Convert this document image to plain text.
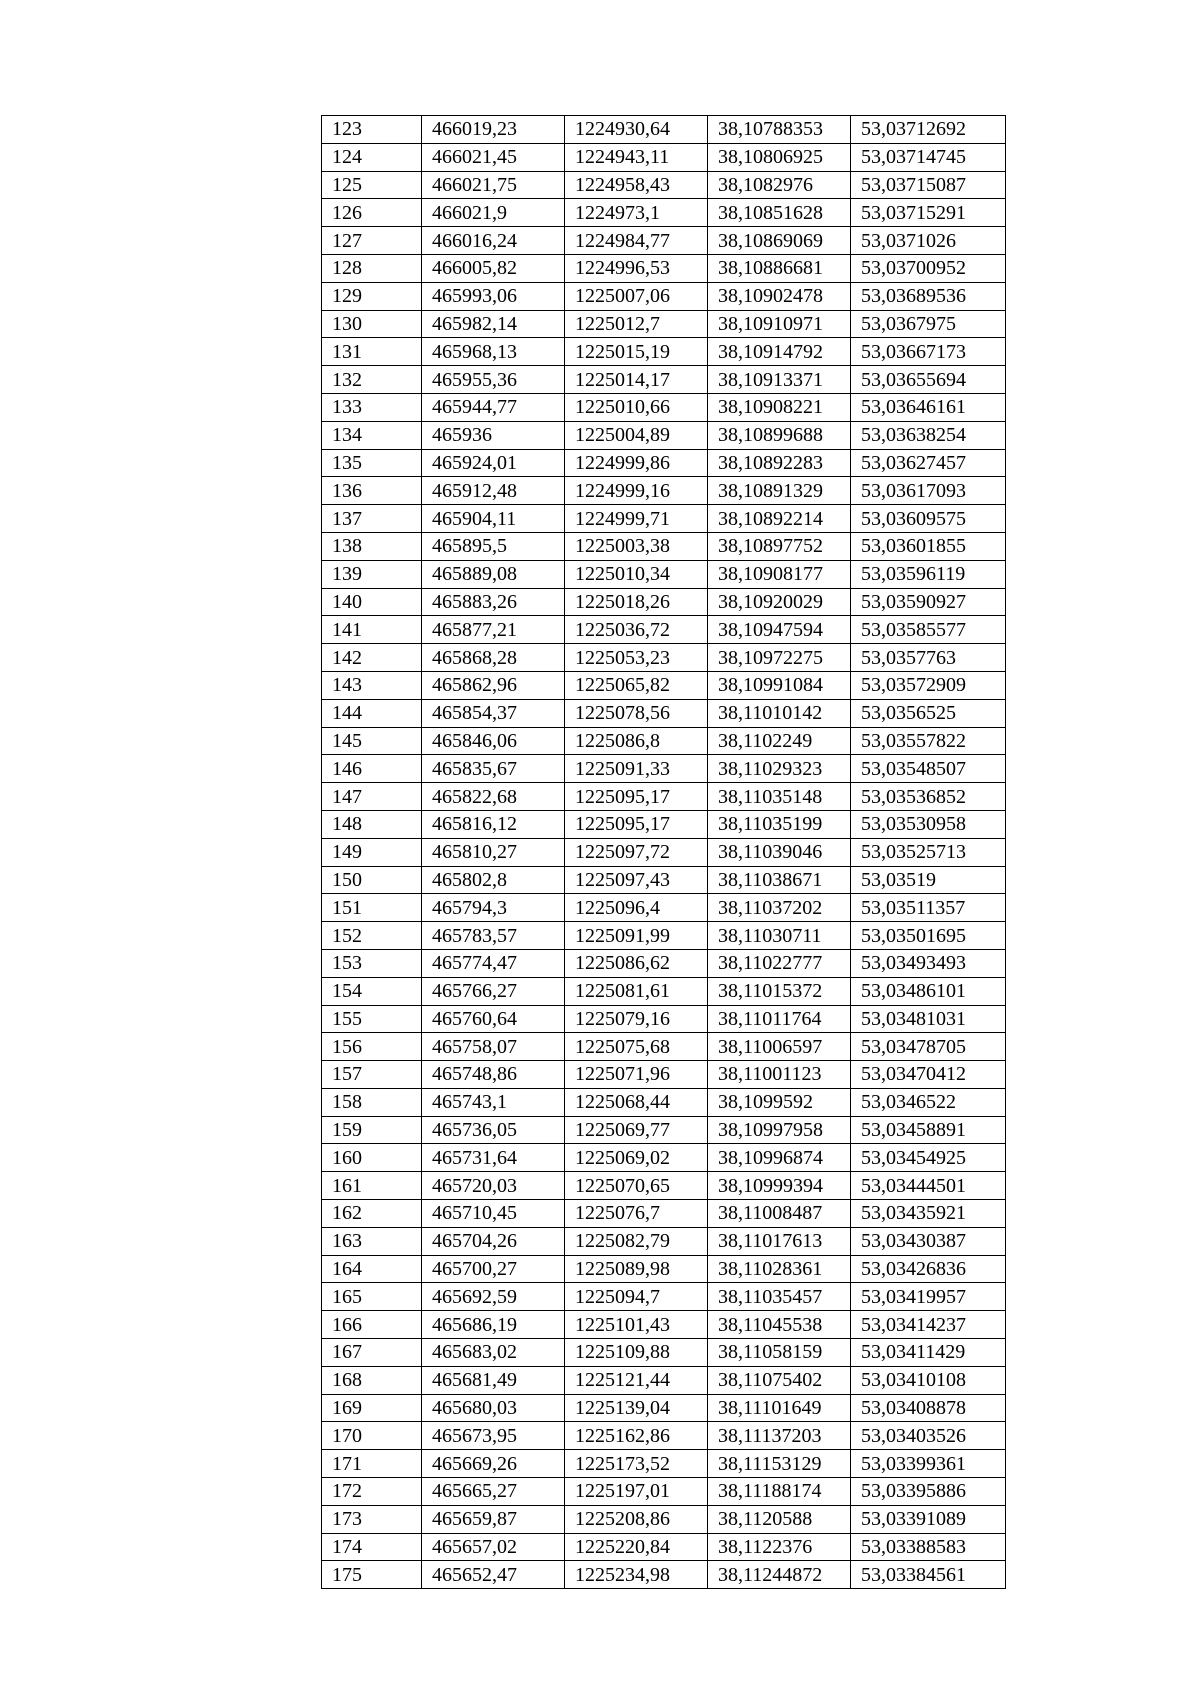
123	466019,23	1224930,64	38,10788353	53,03712692
124	466021,45	1224943,11	38,10806925	53,03714745
125	466021,75	1224958,43	38,1082976	53,03715087
126	466021,9	1224973,1	38,10851628	53,03715291
127	466016,24	1224984,77	38,10869069	53,0371026
128	466005,82	1224996,53	38,10886681	53,03700952
129	465993,06	1225007,06	38,10902478	53,03689536
130	465982,14	1225012,7	38,10910971	53,0367975
131	465968,13	1225015,19	38,10914792	53,03667173
132	465955,36	1225014,17	38,10913371	53,03655694
133	465944,77	1225010,66	38,10908221	53,03646161
134	465936	1225004,89	38,10899688	53,03638254
135	465924,01	1224999,86	38,10892283	53,03627457
136	465912,48	1224999,16	38,10891329	53,03617093
137	465904,11	1224999,71	38,10892214	53,03609575
138	465895,5	1225003,38	38,10897752	53,03601855
139	465889,08	1225010,34	38,10908177	53,03596119
140	465883,26	1225018,26	38,10920029	53,03590927
141	465877,21	1225036,72	38,10947594	53,03585577
142	465868,28	1225053,23	38,10972275	53,0357763
143	465862,96	1225065,82	38,10991084	53,03572909
144	465854,37	1225078,56	38,11010142	53,0356525
145	465846,06	1225086,8	38,1102249	53,03557822
146	465835,67	1225091,33	38,11029323	53,03548507
147	465822,68	1225095,17	38,11035148	53,03536852
148	465816,12	1225095,17	38,11035199	53,03530958
149	465810,27	1225097,72	38,11039046	53,03525713
150	465802,8	1225097,43	38,11038671	53,03519
151	465794,3	1225096,4	38,11037202	53,03511357
152	465783,57	1225091,99	38,11030711	53,03501695
153	465774,47	1225086,62	38,11022777	53,03493493
154	465766,27	1225081,61	38,11015372	53,03486101
155	465760,64	1225079,16	38,11011764	53,03481031
156	465758,07	1225075,68	38,11006597	53,03478705
157	465748,86	1225071,96	38,11001123	53,03470412
158	465743,1	1225068,44	38,1099592	53,0346522
159	465736,05	1225069,77	38,10997958	53,03458891
160	465731,64	1225069,02	38,10996874	53,03454925
161	465720,03	1225070,65	38,10999394	53,03444501
162	465710,45	1225076,7	38,11008487	53,03435921
163	465704,26	1225082,79	38,11017613	53,03430387
164	465700,27	1225089,98	38,11028361	53,03426836
165	465692,59	1225094,7	38,11035457	53,03419957
166	465686,19	1225101,43	38,11045538	53,03414237
167	465683,02	1225109,88	38,11058159	53,03411429
168	465681,49	1225121,44	38,11075402	53,03410108
169	465680,03	1225139,04	38,11101649	53,03408878
170	465673,95	1225162,86	38,11137203	53,03403526
171	465669,26	1225173,52	38,11153129	53,03399361
172	465665,27	1225197,01	38,11188174	53,03395886
173	465659,87	1225208,86	38,1120588	53,03391089
174	465657,02	1225220,84	38,1122376	53,03388583
175	465652,47	1225234,98	38,11244872	53,03384561
